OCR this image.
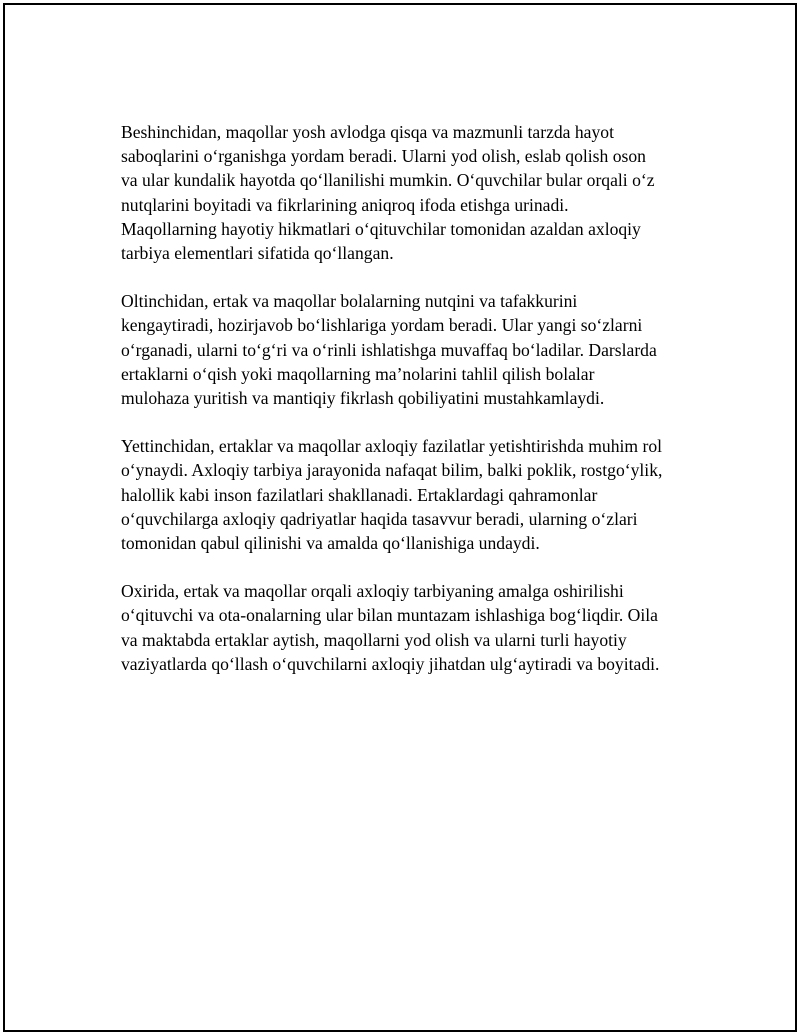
Beshinchidan, maqollar yosh avlodga qisqa va mazmunli tarzda hayot
saboqlarini o‘rganishga yordam beradi. Ularni yod olish, eslab qolish oson
va ular kundalik hayotda qo‘llanilishi mumkin. O‘quvchilar bular orqali o‘z
nutqlarini boyitadi va fikrlarining aniqroq ifoda etishga urinadi.
Maqollarning hayotiy hikmatlari o‘qituvchilar tomonidan azaldan axloqiy
tarbiya elementlari sifatida qo‘llangan.

Oltinchidan, ertak va maqollar bolalarning nutqini va tafakkurini
kengaytiradi, hozirjavob bo‘lishlariga yordam beradi. Ular yangi so‘zlarni
o‘rganadi, ularni to‘g‘ri va o‘rinli ishlatishga muvaffaq bo‘ladilar. Darslarda
ertaklarni o‘qish yoki maqollarning ma’nolarini tahlil qilish bolalar
mulohaza yuritish va mantiqiy fikrlash qobiliyatini mustahkamlaydi.

Yettinchidan, ertaklar va maqollar axloqiy fazilatlar yetishtirishda muhim rol
o‘ynaydi. Axloqiy tarbiya jarayonida nafaqat bilim, balki poklik, rostgo‘ylik,
halollik kabi inson fazilatlari shakllanadi. Ertaklardagi qahramonlar
o‘quvchilarga axloqiy qadriyatlar haqida tasavvur beradi, ularning o‘zlari
tomonidan qabul qilinishi va amalda qo‘llanishiga undaydi.

Oxirida, ertak va maqollar orqali axloqiy tarbiyaning amalga oshirilishi
o‘qituvchi va ota-onalarning ular bilan muntazam ishlashiga bog‘liqdir. Oila
va maktabda ertaklar aytish, maqollarni yod olish va ularni turli hayotiy
vaziyatlarda qo‘llash o‘quvchilarni axloqiy jihatdan ulg‘aytiradi va boyitadi.
